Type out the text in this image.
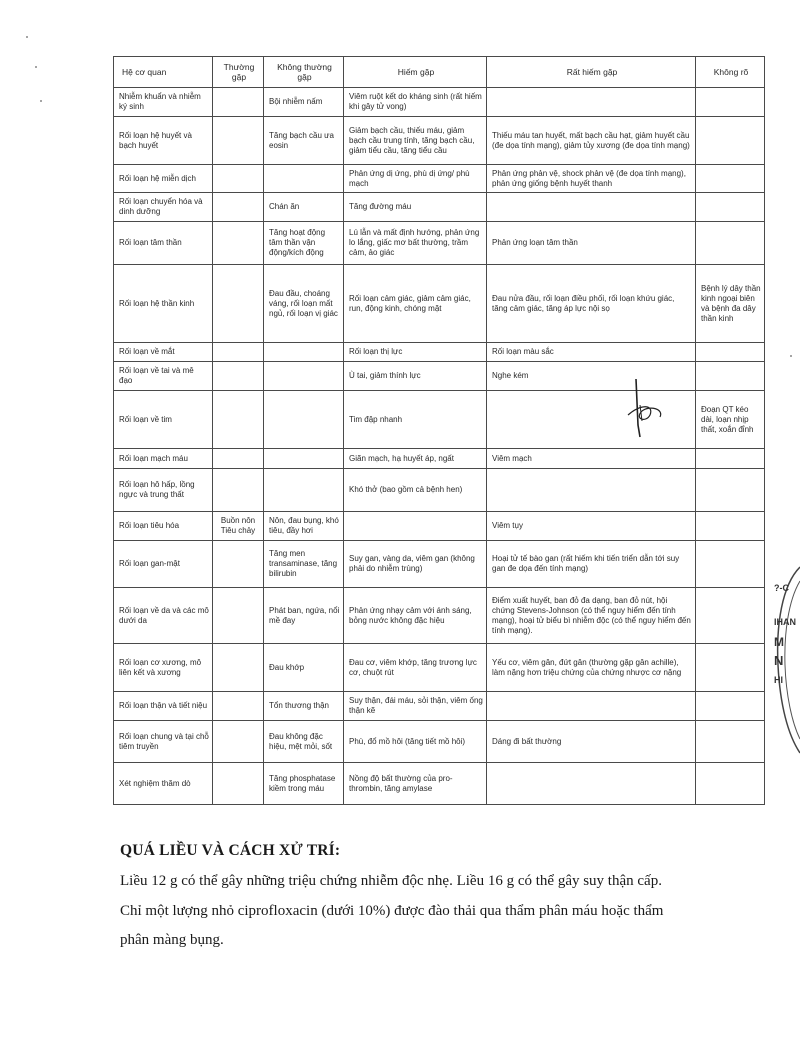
Hệ cơ quan	Thường gặp	Không thường gặp	Hiếm gặp	Rất hiếm gặp	Không rõ
Nhiễm khuẩn và nhiễm ký sinh		Bội nhiễm nấm	Viêm ruột kết do kháng sinh (rất hiếm khi gây tử vong)		
Rối loạn hệ huyết và bạch huyết		Tăng bạch cầu ưa eosin	Giảm bạch cầu, thiếu máu, giảm bạch cầu trung tính, tăng bạch cầu, giảm tiểu cầu, tăng tiểu cầu	Thiếu máu tan huyết, mất bạch cầu hạt, giảm huyết cầu (đe dọa tính mạng), giảm tủy xương (đe dọa tính mạng)	
Rối loạn hệ miễn dịch			Phản ứng dị ứng, phù dị ứng/ phù mạch	Phản ứng phản vệ, shock phản vệ (đe dọa tính mạng), phản ứng giống bệnh huyết thanh	
Rối loạn chuyển hóa và dinh dưỡng		Chán ăn	Tăng đường máu		
Rối loạn tâm thần		Tăng hoạt động tâm thần vận động/kích động	Lú lẫn và mất định hướng, phản ứng lo lắng, giấc mơ bất thường, trầm cảm, ảo giác	Phản ứng loạn tâm thần	
Rối loạn hệ thần kinh		Đau đầu, choáng váng, rối loạn mất ngủ, rối loạn vị giác	Rối loạn cảm giác, giảm cảm giác, run, động kinh, chóng mặt	Đau nửa đầu, rối loạn điều phối, rối loạn khứu giác, tăng cảm giác, tăng áp lực nội sọ	Bệnh lý dây thần kinh ngoại biên và bệnh đa dây thần kinh
Rối loạn về mắt			Rối loạn thị lực	Rối loạn màu sắc	
Rối loạn về tai và mê đạo			Ù tai, giảm thính lực	Nghe kém	
Rối loạn về tim			Tim đập nhanh		Đoạn QT kéo dài, loạn nhịp thất, xoắn đỉnh
Rối loạn mạch máu			Giãn mạch, hạ huyết áp, ngất	Viêm mạch	
Rối loạn hô hấp, lồng ngực và trung thất			Khó thở (bao gồm cả bệnh hen)		
Rối loạn tiêu hóa	Buồn nôn Tiêu chảy	Nôn, đau bụng, khó tiêu, đầy hơi		Viêm tụy	
Rối loạn gan-mật		Tăng men transaminase, tăng bilirubin	Suy gan, vàng da, viêm gan (không phải do nhiễm trùng)	Hoại tử tế bào gan (rất hiếm khi tiến triển dẫn tới suy gan đe dọa đến tính mạng)	
Rối loạn về da và các mô dưới da		Phát ban, ngứa, nổi mề đay	Phản ứng nhạy cảm với ánh sáng, bỏng nước không đặc hiệu	Điểm xuất huyết, ban đỏ đa dạng, ban đỏ nút, hội chứng Stevens-Johnson (có thể nguy hiểm đến tính mạng), hoại tử biểu bì nhiễm độc (có thể nguy hiểm đến tính mạng).	
Rối loạn cơ xương, mô liên kết và xương		Đau khớp	Đau cơ, viêm khớp, tăng trương lực cơ, chuột rút	Yếu cơ, viêm gân, đứt gân (thường gặp gân achille), làm nặng hơn triệu chứng của chứng nhược cơ nặng	
Rối loạn thận và tiết niệu		Tổn thương thận	Suy thận, đái máu, sỏi thận, viêm ống thận kẽ		
Rối loạn chung và tại chỗ tiêm truyền		Đau không đặc hiệu, mệt mỏi, sốt	Phù, đổ mồ hôi (tăng tiết mồ hôi)	Dáng đi bất thường	
Xét nghiệm thăm dò		Tăng phosphatase kiềm trong máu	Nồng độ bất thường của pro-thrombin, tăng amylase		
?-C
IHAN
M
N
HI
QUÁ LIỀU VÀ CÁCH XỬ TRÍ:
Liều 12 g có thể gây những triệu chứng nhiễm độc nhẹ. Liều 16 g có thể gây suy thận cấp.
Chỉ một lượng nhỏ ciprofloxacin (dưới 10%) được đào thải qua thẩm phân máu hoặc thẩm
phân màng bụng.
